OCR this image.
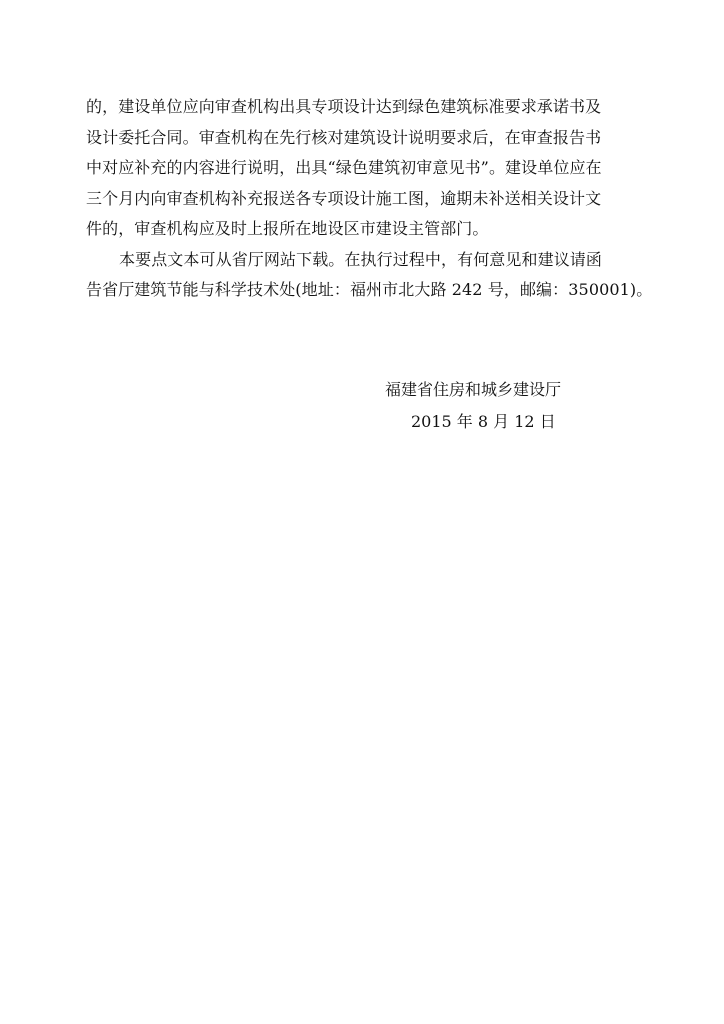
的，建设单位应向审查机构出具专项设计达到绿色建筑标准要求承诺书及
设计委托合同。审查机构在先行核对建筑设计说明要求后，在审查报告书
中对应补充的内容进行说明，出具“绿色建筑初审意见书”。建设单位应在
三个月内向审查机构补充报送各专项设计施工图，逾期未补送相关设计文
件的，审查机构应及时上报所在地设区市建设主管部门。
本要点文本可从省厅网站下载。在执行过程中，有何意见和建议请函
告省厅建筑节能与科学技术处(地址：福州市北大路 242 号，邮编：350001)。
福建省住房和城乡建设厅
2015 年 8 月 12 日
